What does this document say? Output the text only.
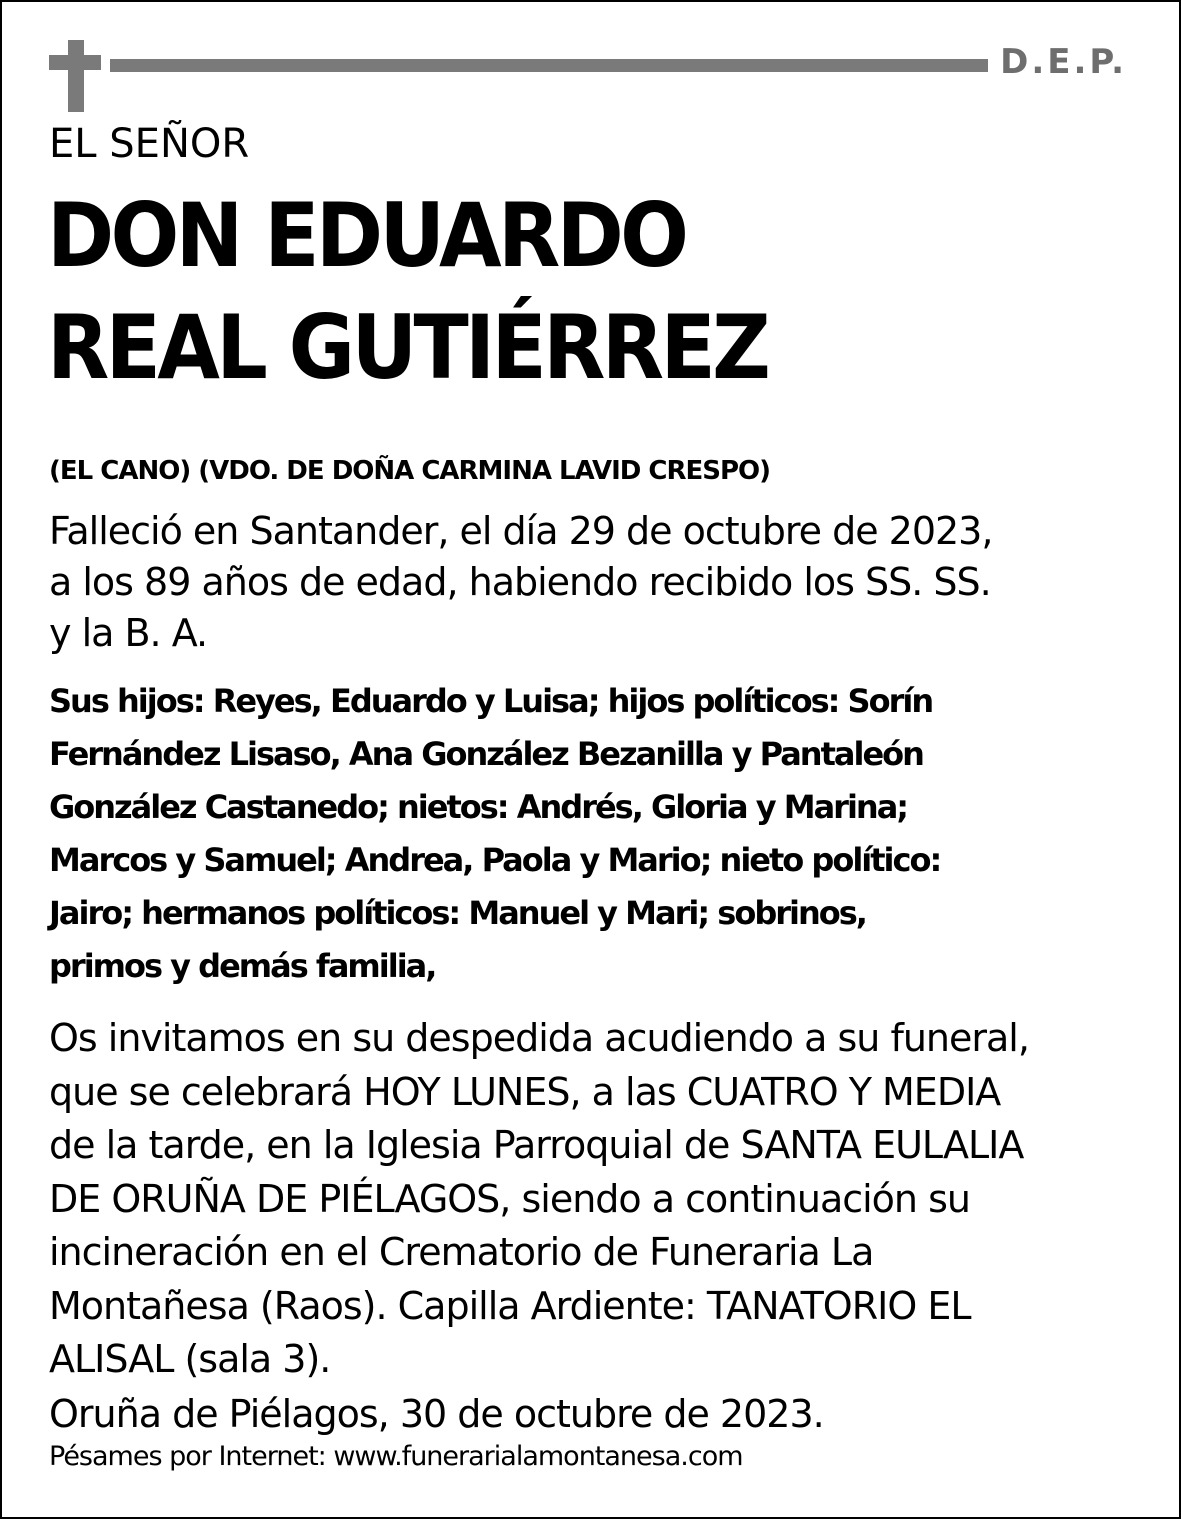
D.E.P.
EL SEÑOR
DON EDUARDO
REAL GUTIÉRREZ
(EL CANO) (VDO. DE DOÑA CARMINA LAVID CRESPO)
Falleció en Santander, el día 29 de octubre de 2023,
a los 89 años de edad, habiendo recibido los SS. SS.
y la B. A.
Sus hijos: Reyes, Eduardo y Luisa; hijos políticos: Sorín
Fernández Lisaso, Ana González Bezanilla y Pantaleón
González Castanedo; nietos: Andrés, Gloria y Marina;
Marcos y Samuel; Andrea, Paola y Mario; nieto político:
Jairo; hermanos políticos: Manuel y Mari; sobrinos,
primos y demás familia,
Os invitamos en su despedida acudiendo a su funeral,
que se celebrará HOY LUNES, a las CUATRO Y MEDIA
de la tarde, en la Iglesia Parroquial de SANTA EULALIA
DE ORUÑA DE PIÉLAGOS, siendo a continuación su
incineración en el Crematorio de Funeraria La
Montañesa (Raos). Capilla Ardiente: TANATORIO EL
ALISAL (sala 3).
Oruña de Piélagos, 30 de octubre de 2023.
Pésames por Internet: www.funerarialamontanesa.com
